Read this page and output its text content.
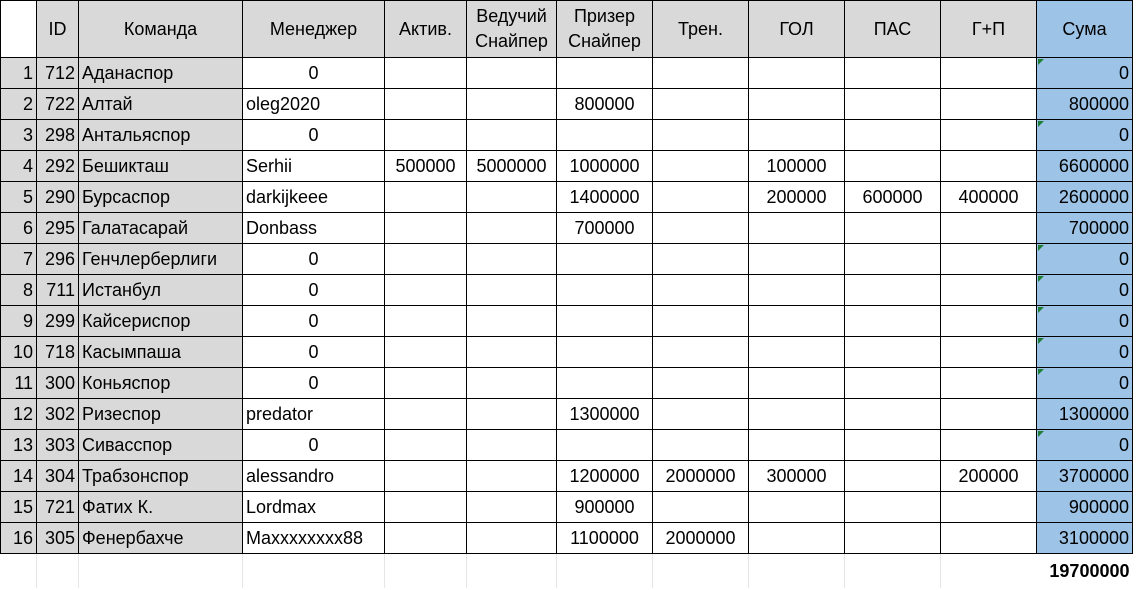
	ID	Команда	Менеджер	Актив.	Ведучий Снайпер	Призер Снайпер	Трен.	ГОЛ	ПАС	Г+П	Сума
1	712	Аданаспор	0								0
2	722	Алтай	oleg2020			800000					800000
3	298	Антальяспор	0								0
4	292	Бешикташ	Serhii	500000	5000000	1000000		100000			6600000
5	290	Бурсаспор	darkijkeee			1400000		200000	600000	400000	2600000
6	295	Галатасарай	Donbass			700000					700000
7	296	Генчлерберлиги	0								0
8	711	Истанбул	0								0
9	299	Кайсериспор	0								0
10	718	Касымпаша	0								0
11	300	Коньяспор	0								0
12	302	Ризеспор	predator			1300000					1300000
13	303	Сивасспор	0								0
14	304	Трабзонспор	alessandro			1200000	2000000	300000		200000	3700000
15	721	Фатих К.	Lordmax			900000					900000
16	305	Фенербахче	Maxxxxxxxx88			1100000	2000000				3100000
											19700000
